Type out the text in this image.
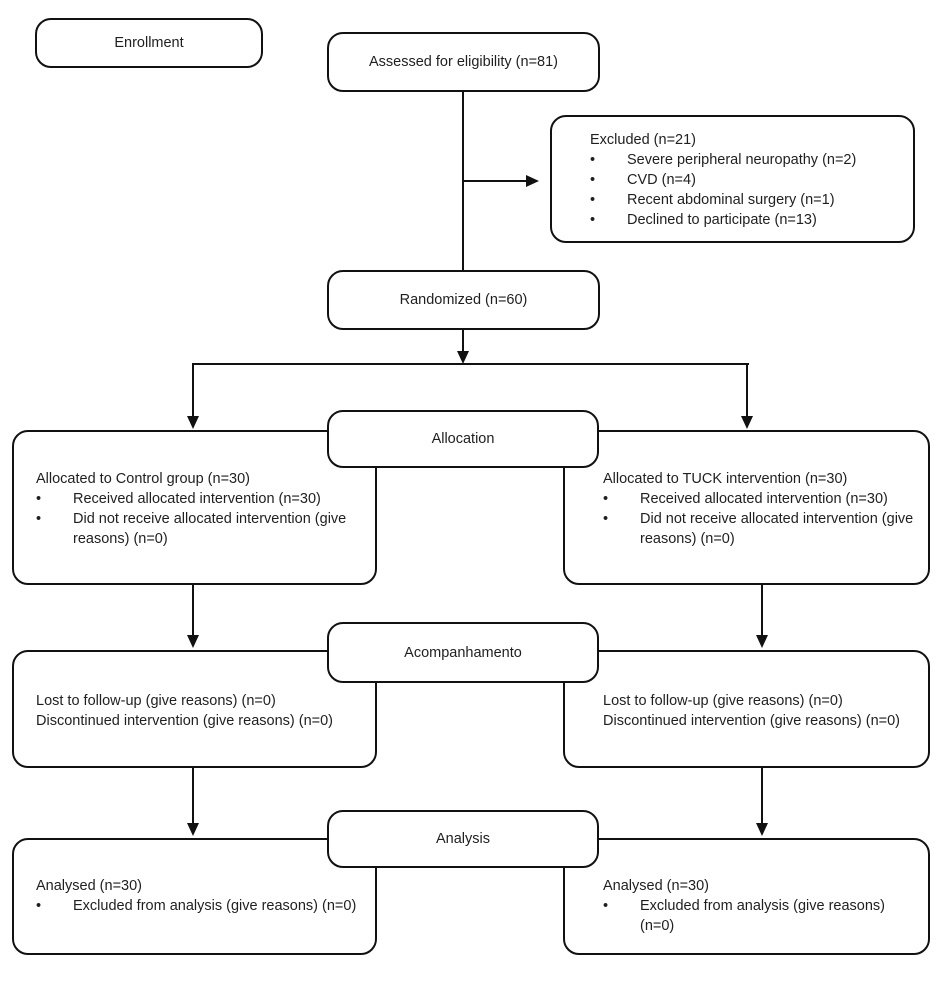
Enrollment
Allocation
Acompanhamento
Analysis
Assessed for eligibility (n=81)
Excluded (n=21)
•
Severe peripheral neuropathy (n=2)
•
CVD (n=4)
•
Recent abdominal surgery (n=1)
•
Declined to participate (n=13)
Randomized (n=60)
Allocated to Control group (n=30)
•
Received allocated intervention (n=30)
•
Did not receive allocated intervention (give reasons) (n=0)
Allocated to TUCK intervention (n=30)
•
Received allocated intervention (n=30)
•
Did not receive allocated intervention (give reasons) (n=0)
Lost to follow-up (give reasons) (n=0)
Discontinued intervention (give reasons) (n=0)
Lost to follow-up (give reasons) (n=0)
Discontinued intervention (give reasons) (n=0)
Analysed (n=30)
•
Excluded from analysis (give reasons) (n=0)
Analysed (n=30)
•
Excluded from analysis (give reasons) (n=0)
